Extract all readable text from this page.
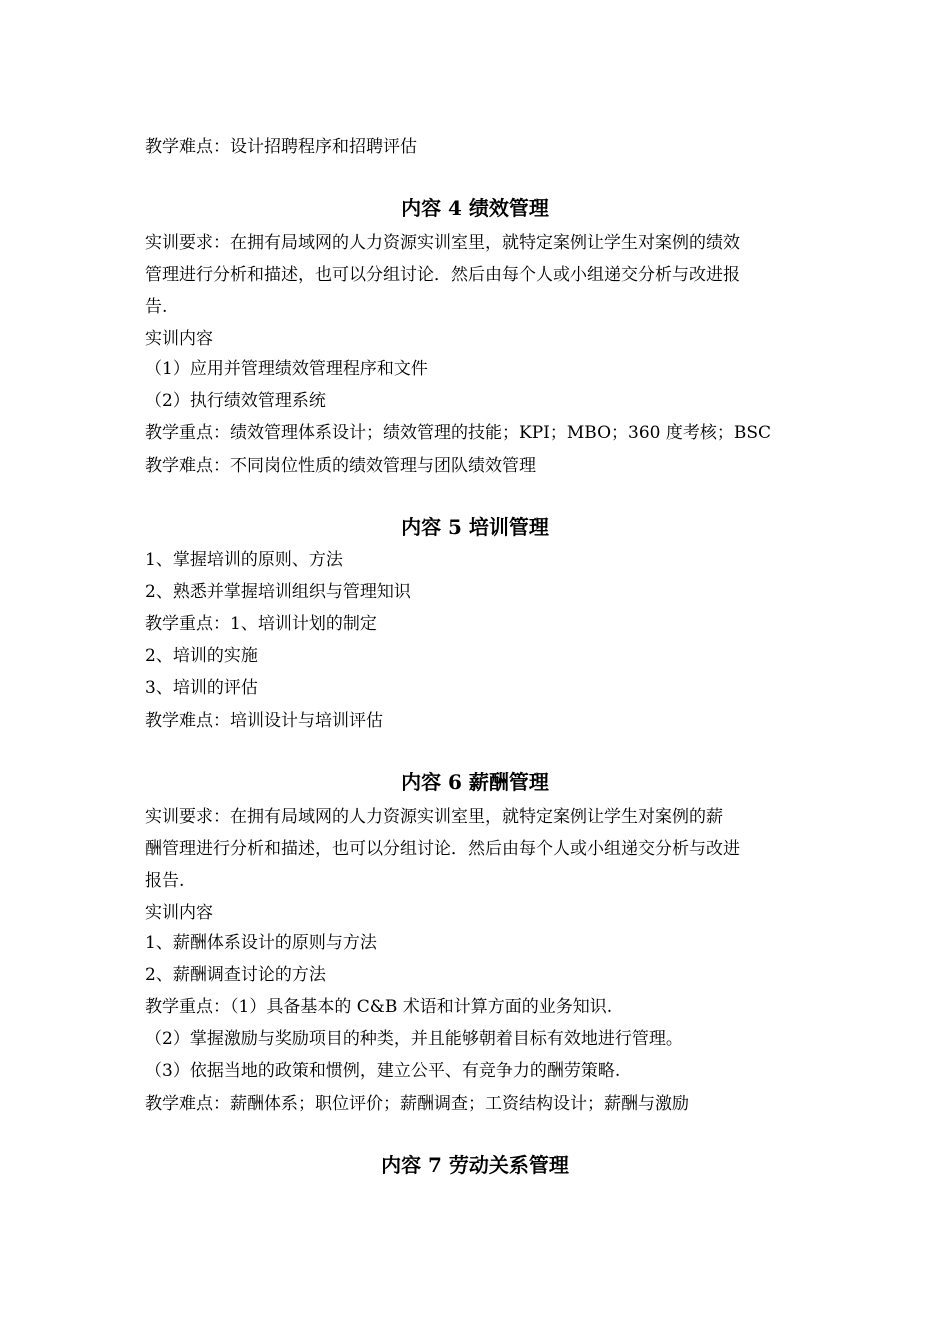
教学难点：设计招聘程序和招聘评估
内容 4 绩效管理
实训要求：在拥有局域网的人力资源实训室里，就特定案例让学生对案例的绩效
管理进行分析和描述，也可以分组讨论．然后由每个人或小组递交分析与改进报
告.
实训内容
（1）应用并管理绩效管理程序和文件
（2）执行绩效管理系统
教学重点：绩效管理体系设计；绩效管理的技能；KPI；MBO；360 度考核；BSC
教学难点：不同岗位性质的绩效管理与团队绩效管理
内容 5 培训管理
1、掌握培训的原则、方法
2、熟悉并掌握培训组织与管理知识
教学重点：1、培训计划的制定
2、培训的实施
3、培训的评估
教学难点：培训设计与培训评估
内容 6 薪酬管理
实训要求：在拥有局域网的人力资源实训室里，就特定案例让学生对案例的薪
酬管理进行分析和描述，也可以分组讨论．然后由每个人或小组递交分析与改进
报告.
实训内容
1、薪酬体系设计的原则与方法
2、薪酬调查讨论的方法
教学重点：（1）具备基本的 C&B 术语和计算方面的业务知识.
（2）掌握激励与奖励项目的种类，并且能够朝着目标有效地进行管理。
（3）依据当地的政策和惯例，建立公平、有竞争力的酬劳策略.
教学难点：薪酬体系；职位评价；薪酬调查；工资结构设计；薪酬与激励
内容 7 劳动关系管理
